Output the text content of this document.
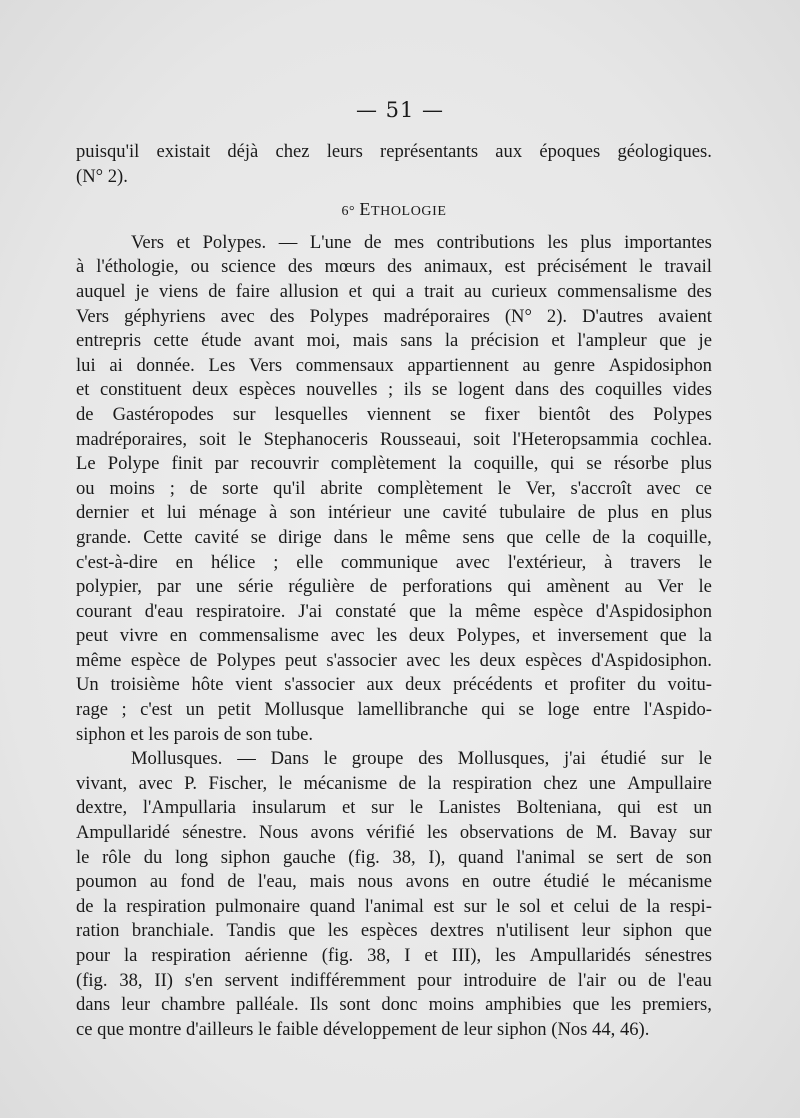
— 51 —
puisqu'il existait déjà chez leurs représentants aux époques géologiques.
(N° 2).
6° ETHOLOGIE
Vers et Polypes. — L'une de mes contributions les plus importantes
à l'éthologie, ou science des mœurs des animaux, est précisément le travail
auquel je viens de faire allusion et qui a trait au curieux commensalisme des
Vers géphyriens avec des Polypes madréporaires (N° 2). D'autres avaient
entrepris cette étude avant moi, mais sans la précision et l'ampleur que je
lui ai donnée. Les Vers commensaux appartiennent au genre Aspidosiphon
et constituent deux espèces nouvelles ; ils se logent dans des coquilles vides
de Gastéropodes sur lesquelles viennent se fixer bientôt des Polypes
madréporaires, soit le Stephanoceris Rousseaui, soit l'Heteropsammia cochlea.
Le Polype finit par recouvrir complètement la coquille, qui se résorbe plus
ou moins ; de sorte qu'il abrite complètement le Ver, s'accroît avec ce
dernier et lui ménage à son intérieur une cavité tubulaire de plus en plus
grande. Cette cavité se dirige dans le même sens que celle de la coquille,
c'est-à-dire en hélice ; elle communique avec l'extérieur, à travers le
polypier, par une série régulière de perforations qui amènent au Ver le
courant d'eau respiratoire. J'ai constaté que la même espèce d'Aspidosiphon
peut vivre en commensalisme avec les deux Polypes, et inversement que la
même espèce de Polypes peut s'associer avec les deux espèces d'Aspidosiphon.
Un troisième hôte vient s'associer aux deux précédents et profiter du voitu-
rage ; c'est un petit Mollusque lamellibranche qui se loge entre l'Aspido-
siphon et les parois de son tube.
Mollusques. — Dans le groupe des Mollusques, j'ai étudié sur le
vivant, avec P. Fischer, le mécanisme de la respiration chez une Ampullaire
dextre, l'Ampullaria insularum et sur le Lanistes Bolteniana, qui est un
Ampullaridé sénestre. Nous avons vérifié les observations de M. Bavay sur
le rôle du long siphon gauche (fig. 38, I), quand l'animal se sert de son
poumon au fond de l'eau, mais nous avons en outre étudié le mécanisme
de la respiration pulmonaire quand l'animal est sur le sol et celui de la respi-
ration branchiale. Tandis que les espèces dextres n'utilisent leur siphon que
pour la respiration aérienne (fig. 38, I et III), les Ampullaridés sénestres
(fig. 38, II) s'en servent indifféremment pour introduire de l'air ou de l'eau
dans leur chambre palléale. Ils sont donc moins amphibies que les premiers,
ce que montre d'ailleurs le faible développement de leur siphon (Nos 44, 46).
